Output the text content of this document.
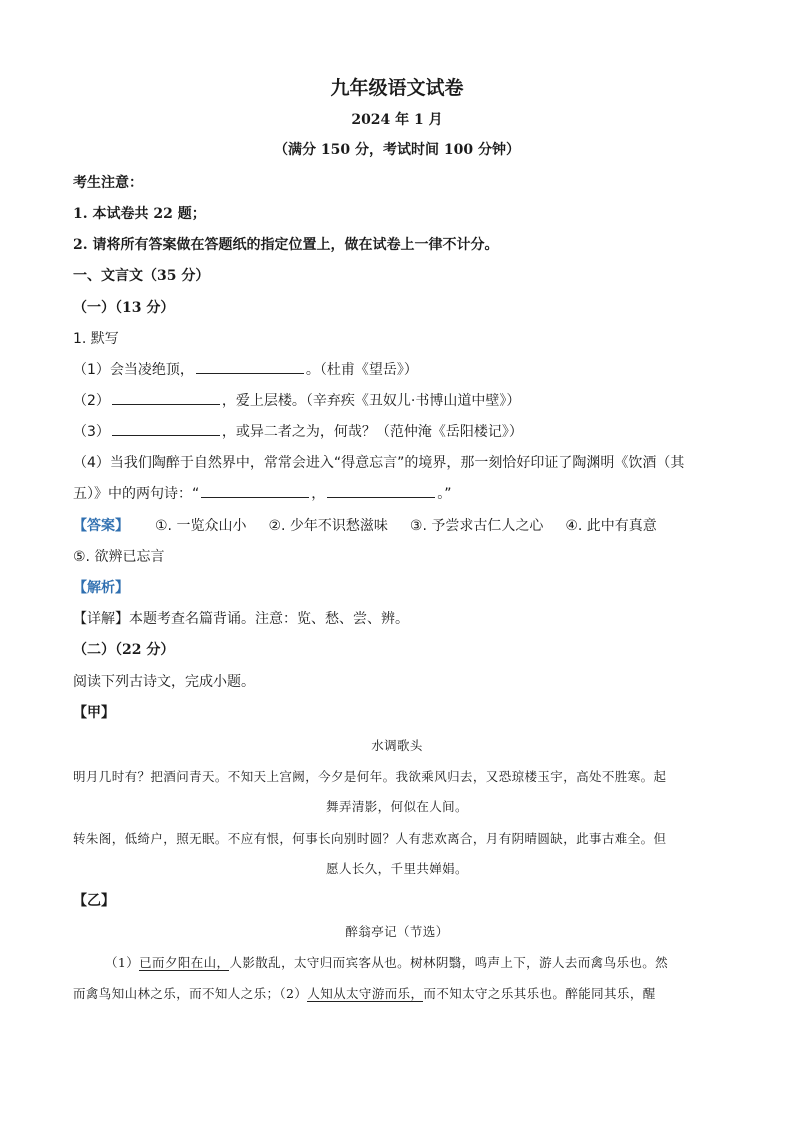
九年级语文试卷
2024 年 1 月
（满分 150 分，考试时间 100 分钟）
考生注意：
1. 本试卷共 22 题；
2. 请将所有答案做在答题纸的指定位置上，做在试卷上一律不计分。
一、文言文（35 分）
（一）（13 分）
1. 默写
（1）会当凌绝顶，	。（杜甫《望岳》）
（2）	，爱上层楼。（辛弃疾《丑奴儿·书博山道中壁》）
（3）	，或异二者之为，何哉？（范仲淹《岳阳楼记》）
（4）当我们陶醉于自然界中，常常会进入“得意忘言”的境界，那一刻恰好印证了陶渊明《饮酒（其
五）》中的两句诗：“	，	。”
【答案】 ①. 一览众山小 ②. 少年不识愁滋味 ③. 予尝求古仁人之心 ④. 此中有真意
⑤. 欲辨已忘言
【解析】
【详解】本题考查名篇背诵。注意：览、愁、尝、辨。
（二）（22 分）
阅读下列古诗文，完成小题。
【甲】
水调歌头
明月几时有？把酒问青天。不知天上宫阙，今夕是何年。我欲乘风归去，又恐琼楼玉宇，高处不胜寒。起
舞弄清影，何似在人间。
转朱阁，低绮户，照无眠。不应有恨，何事长向别时圆？人有悲欢离合，月有阴晴圆缺，此事古难全。但
愿人长久，千里共婵娟。
【乙】
醉翁亭记（节选）
（1）已而夕阳在山，人影散乱，太守归而宾客从也。树林阴翳，鸣声上下，游人去而禽鸟乐也。然
而禽鸟知山林之乐，而不知人之乐；（2）人知从太守游而乐，而不知太守之乐其乐也。醉能同其乐，醒
